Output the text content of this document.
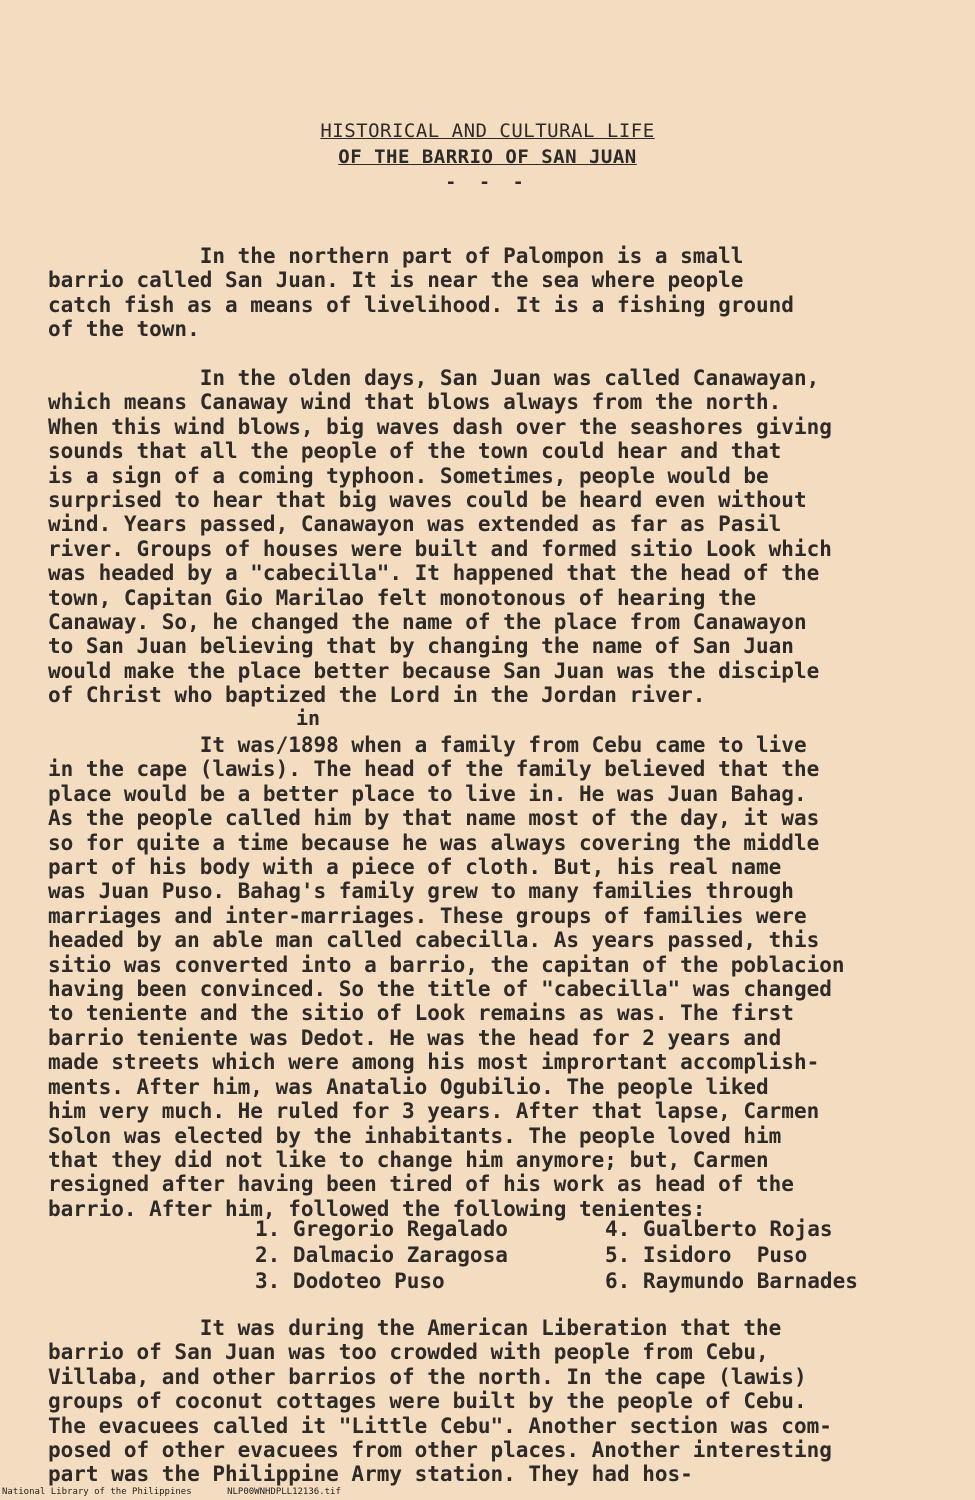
HISTORICAL AND CULTURAL LIFE
OF THE BARRIO OF SAN JUAN
- - -
In the northern part of Palompon is a small
barrio called San Juan. It is near the sea where people
catch fish as a means of livelihood. It is a fishing ground
of the town.
In the olden days, San Juan was called Canawayan,
which means Canaway wind that blows always from the north.
When this wind blows, big waves dash over the seashores giving
sounds that all the people of the town could hear and that
is a sign of a coming typhoon. Sometimes, people would be
surprised to hear that big waves could be heard even without
wind. Years passed, Canawayon was extended as far as Pasil
river. Groups of houses were built and formed sitio Look which
was headed by a "cabecilla". It happened that the head of the
town, Capitan Gio Marilao felt monotonous of hearing the
Canaway. So, he changed the name of the place from Canawayon
to San Juan believing that by changing the name of San Juan
would make the place better because San Juan was the disciple
of Christ who baptized the Lord in the Jordan river.
in
It was/1898 when a family from Cebu came to live
in the cape (lawis). The head of the family believed that the
place would be a better place to live in. He was Juan Bahag.
As the people called him by that name most of the day, it was
so for quite a time because he was always covering the middle
part of his body with a piece of cloth. But, his real name
was Juan Puso. Bahag's family grew to many families through
marriages and inter-marriages. These groups of families were
headed by an able man called cabecilla. As years passed, this
sitio was converted into a barrio, the capitan of the poblacion
having been convinced. So the title of "cabecilla" was changed
to teniente and the sitio of Look remains as was. The first
barrio teniente was Dedot. He was the head for 2 years and
made streets which were among his most imprortant accomplish-
ments. After him, was Anatalio Ogubilio. The people liked
him very much. He ruled for 3 years. After that lapse, Carmen
Solon was elected by the inhabitants. The people loved him
that they did not like to change him anymore; but, Carmen
resigned after having been tired of his work as head of the
barrio. After him, followed the following tenientes:
1. Gregorio Regalado
2. Dalmacio Zaragosa
3. Dodoteo Puso
4. Gualberto Rojas
5. Isidoro  Puso
6. Raymundo Barnades
It was during the American Liberation that the
barrio of San Juan was too crowded with people from Cebu,
Villaba, and other barrios of the north. In the cape (lawis)
groups of coconut cottages were built by the people of Cebu.
The evacuees called it "Little Cebu". Another section was com-
posed of other evacuees from other places. Another interesting
part was the Philippine Army station. They had hos-
National Library of the Philippines	NLP00WNHDPLL12136.tif
